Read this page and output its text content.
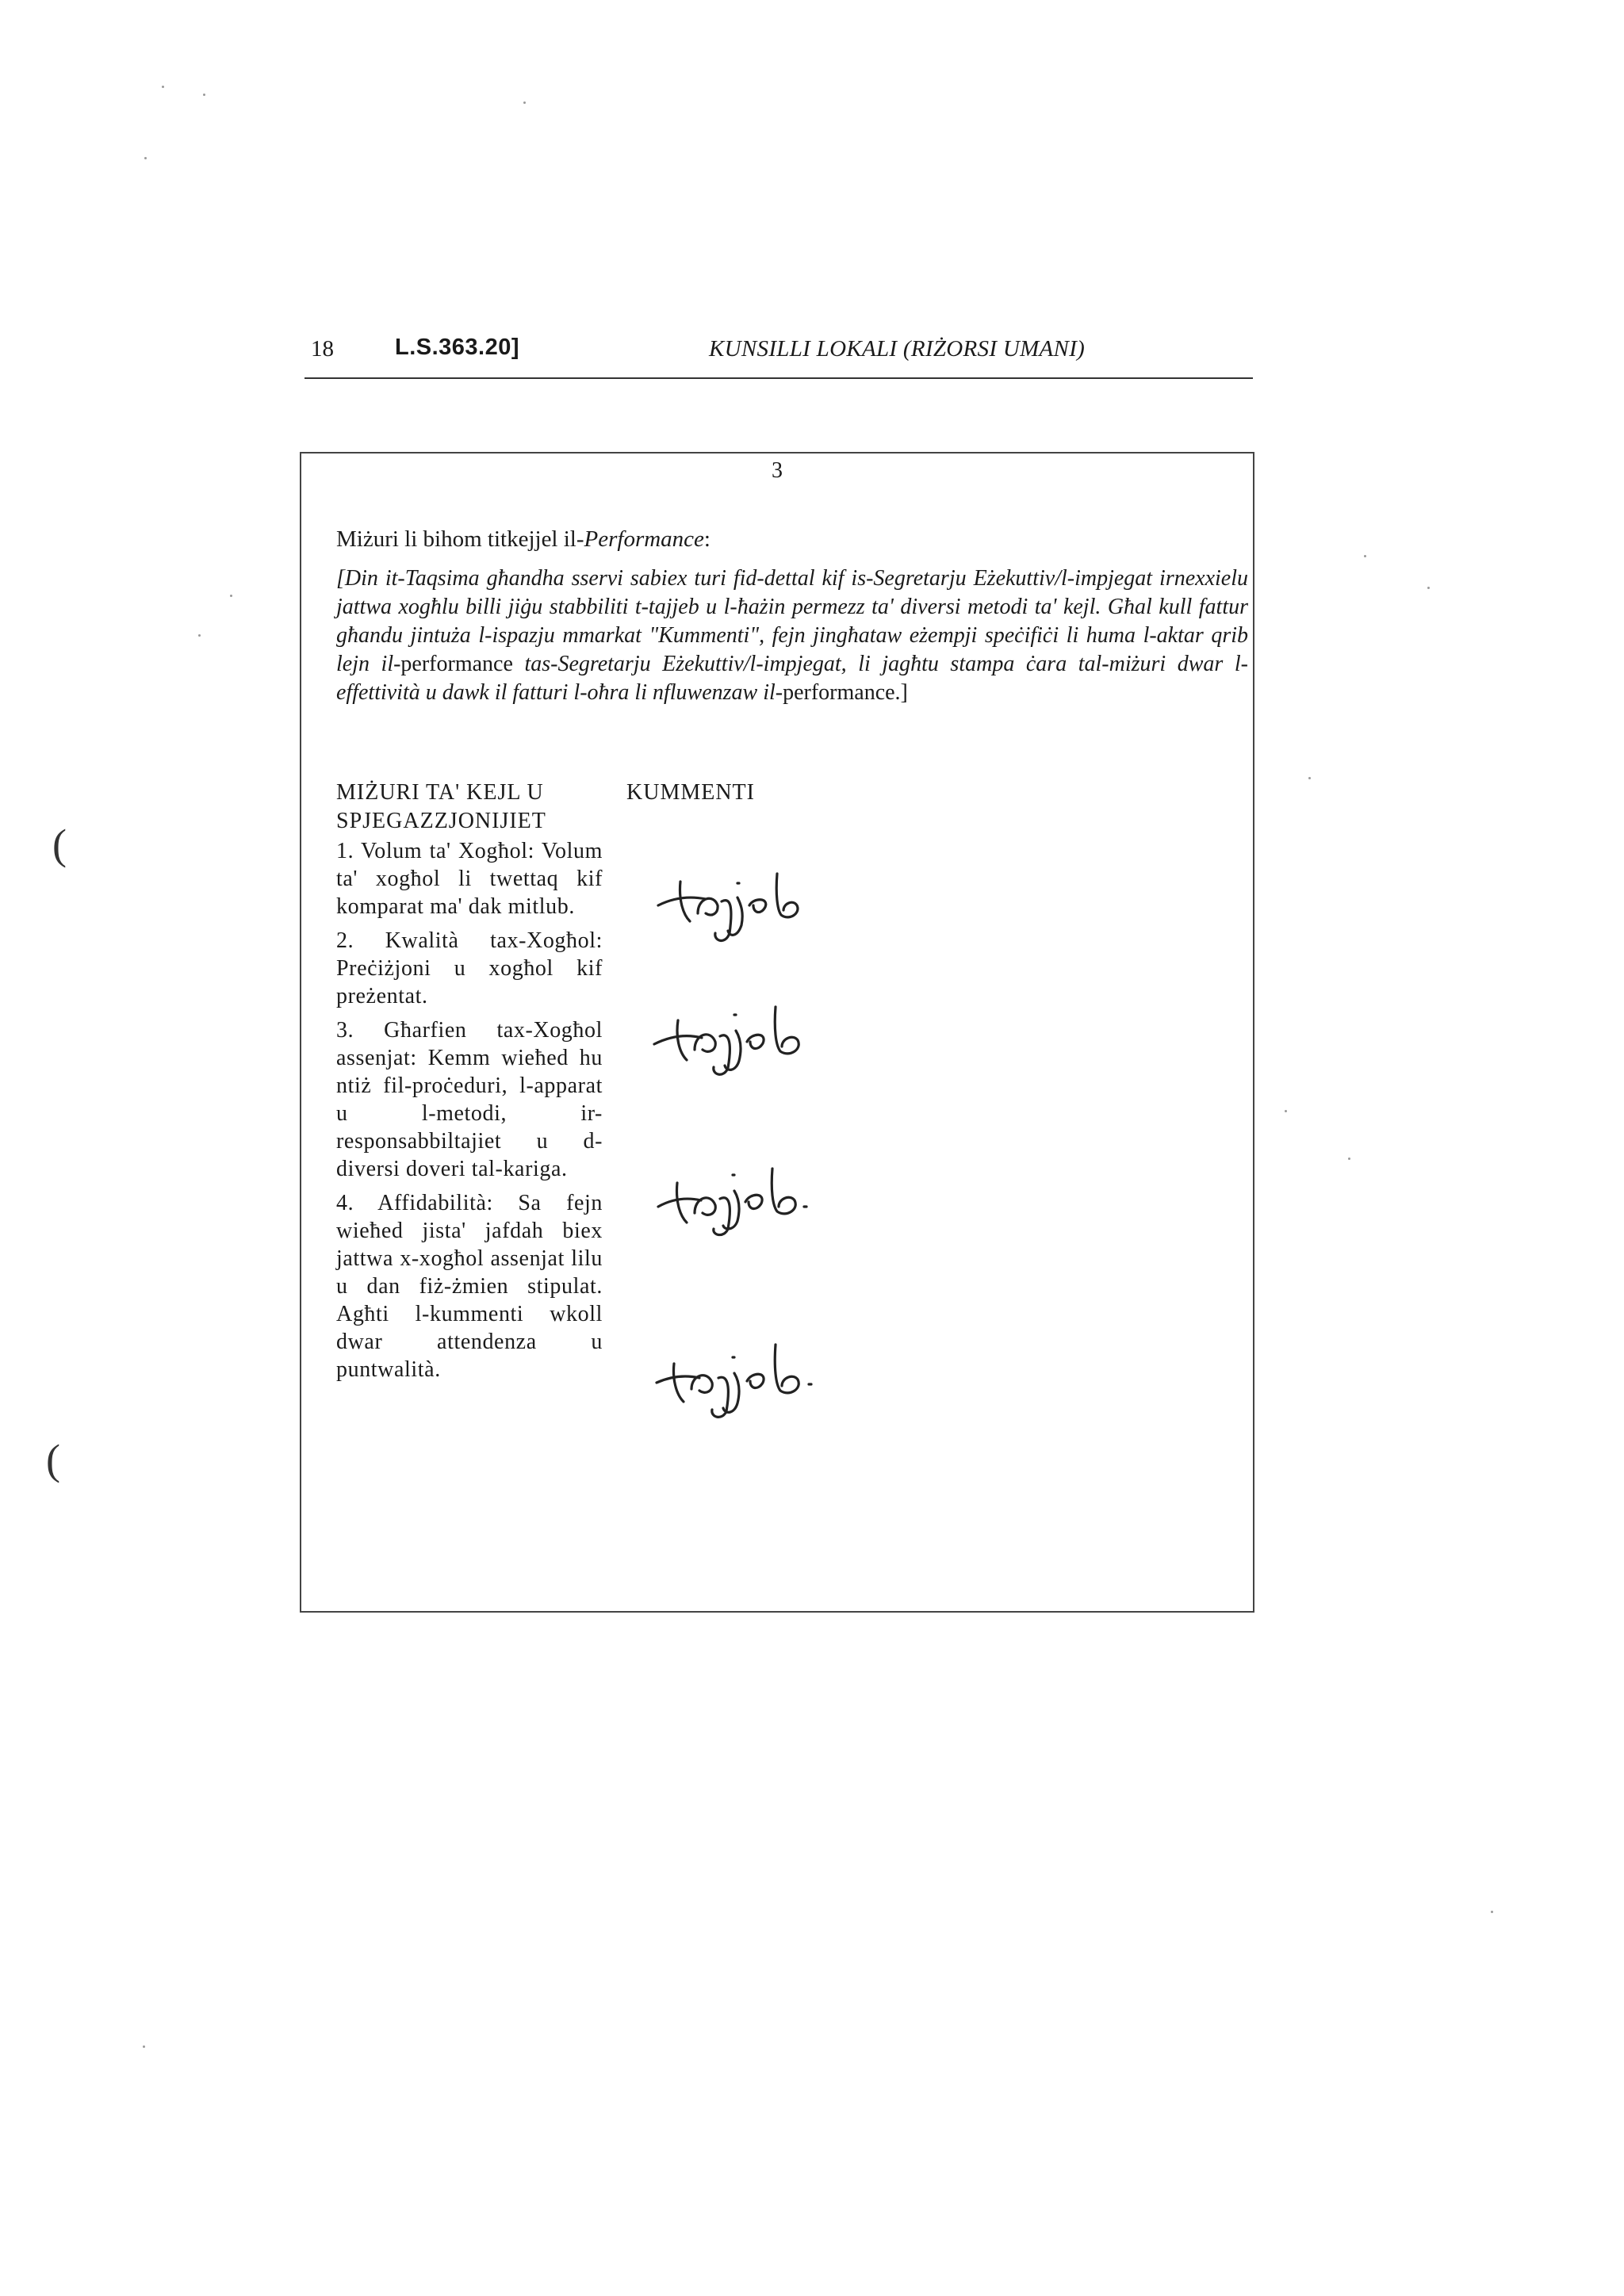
18	L.S.363.20]	KUNSILLI LOKALI (RIŻORSI UMANI)
3
Miżuri li bihom titkejjel il-Performance:
[Din it-Taqsima għandha sservi sabiex turi fid-dettal kif is-Segretarju Eżekuttiv/l-impjegat irnexxielu jattwa xogħlu billi jiġu stabbiliti t-tajjeb u l-ħażin permezz ta' diversi metodi ta' kejl. Għal kull fattur għandu jintuża l-ispazju mmarkat "Kummenti", fejn jingħataw eżempji speċifiċi li huma l-aktar qrib lejn il-performance tas-Segretarju Eżekuttiv/l-impjegat, li jagħtu stampa ċara tal-miżuri dwar l-effettività u dawk il fatturi l-oħra li nfluwenzaw il-performance.]
MIŻURI TA' KEJL U SPJEGAZZJONIJIET
KUMMENTI
1. Volum ta' Xogħol: Volum ta' xogħol li twettaq kif komparat ma' dak mitlub.
2. Kwalità tax-Xogħol: Preċiżjoni u xogħol kif preżentat.
3. Għarfien tax-Xogħol assenjat: Kemm wieħed hu ntiż fil-proċeduri, l-apparat u l-metodi, ir-responsabbiltajiet u d-diversi doveri tal-kariga.
4. Affidabilità: Sa fejn wieħed jista' jafdah biex jattwa x-xogħol assenjat lilu u dan fiż-żmien stipulat. Agħti l-kummenti wkoll dwar attendenza u puntwalità.
(
(
